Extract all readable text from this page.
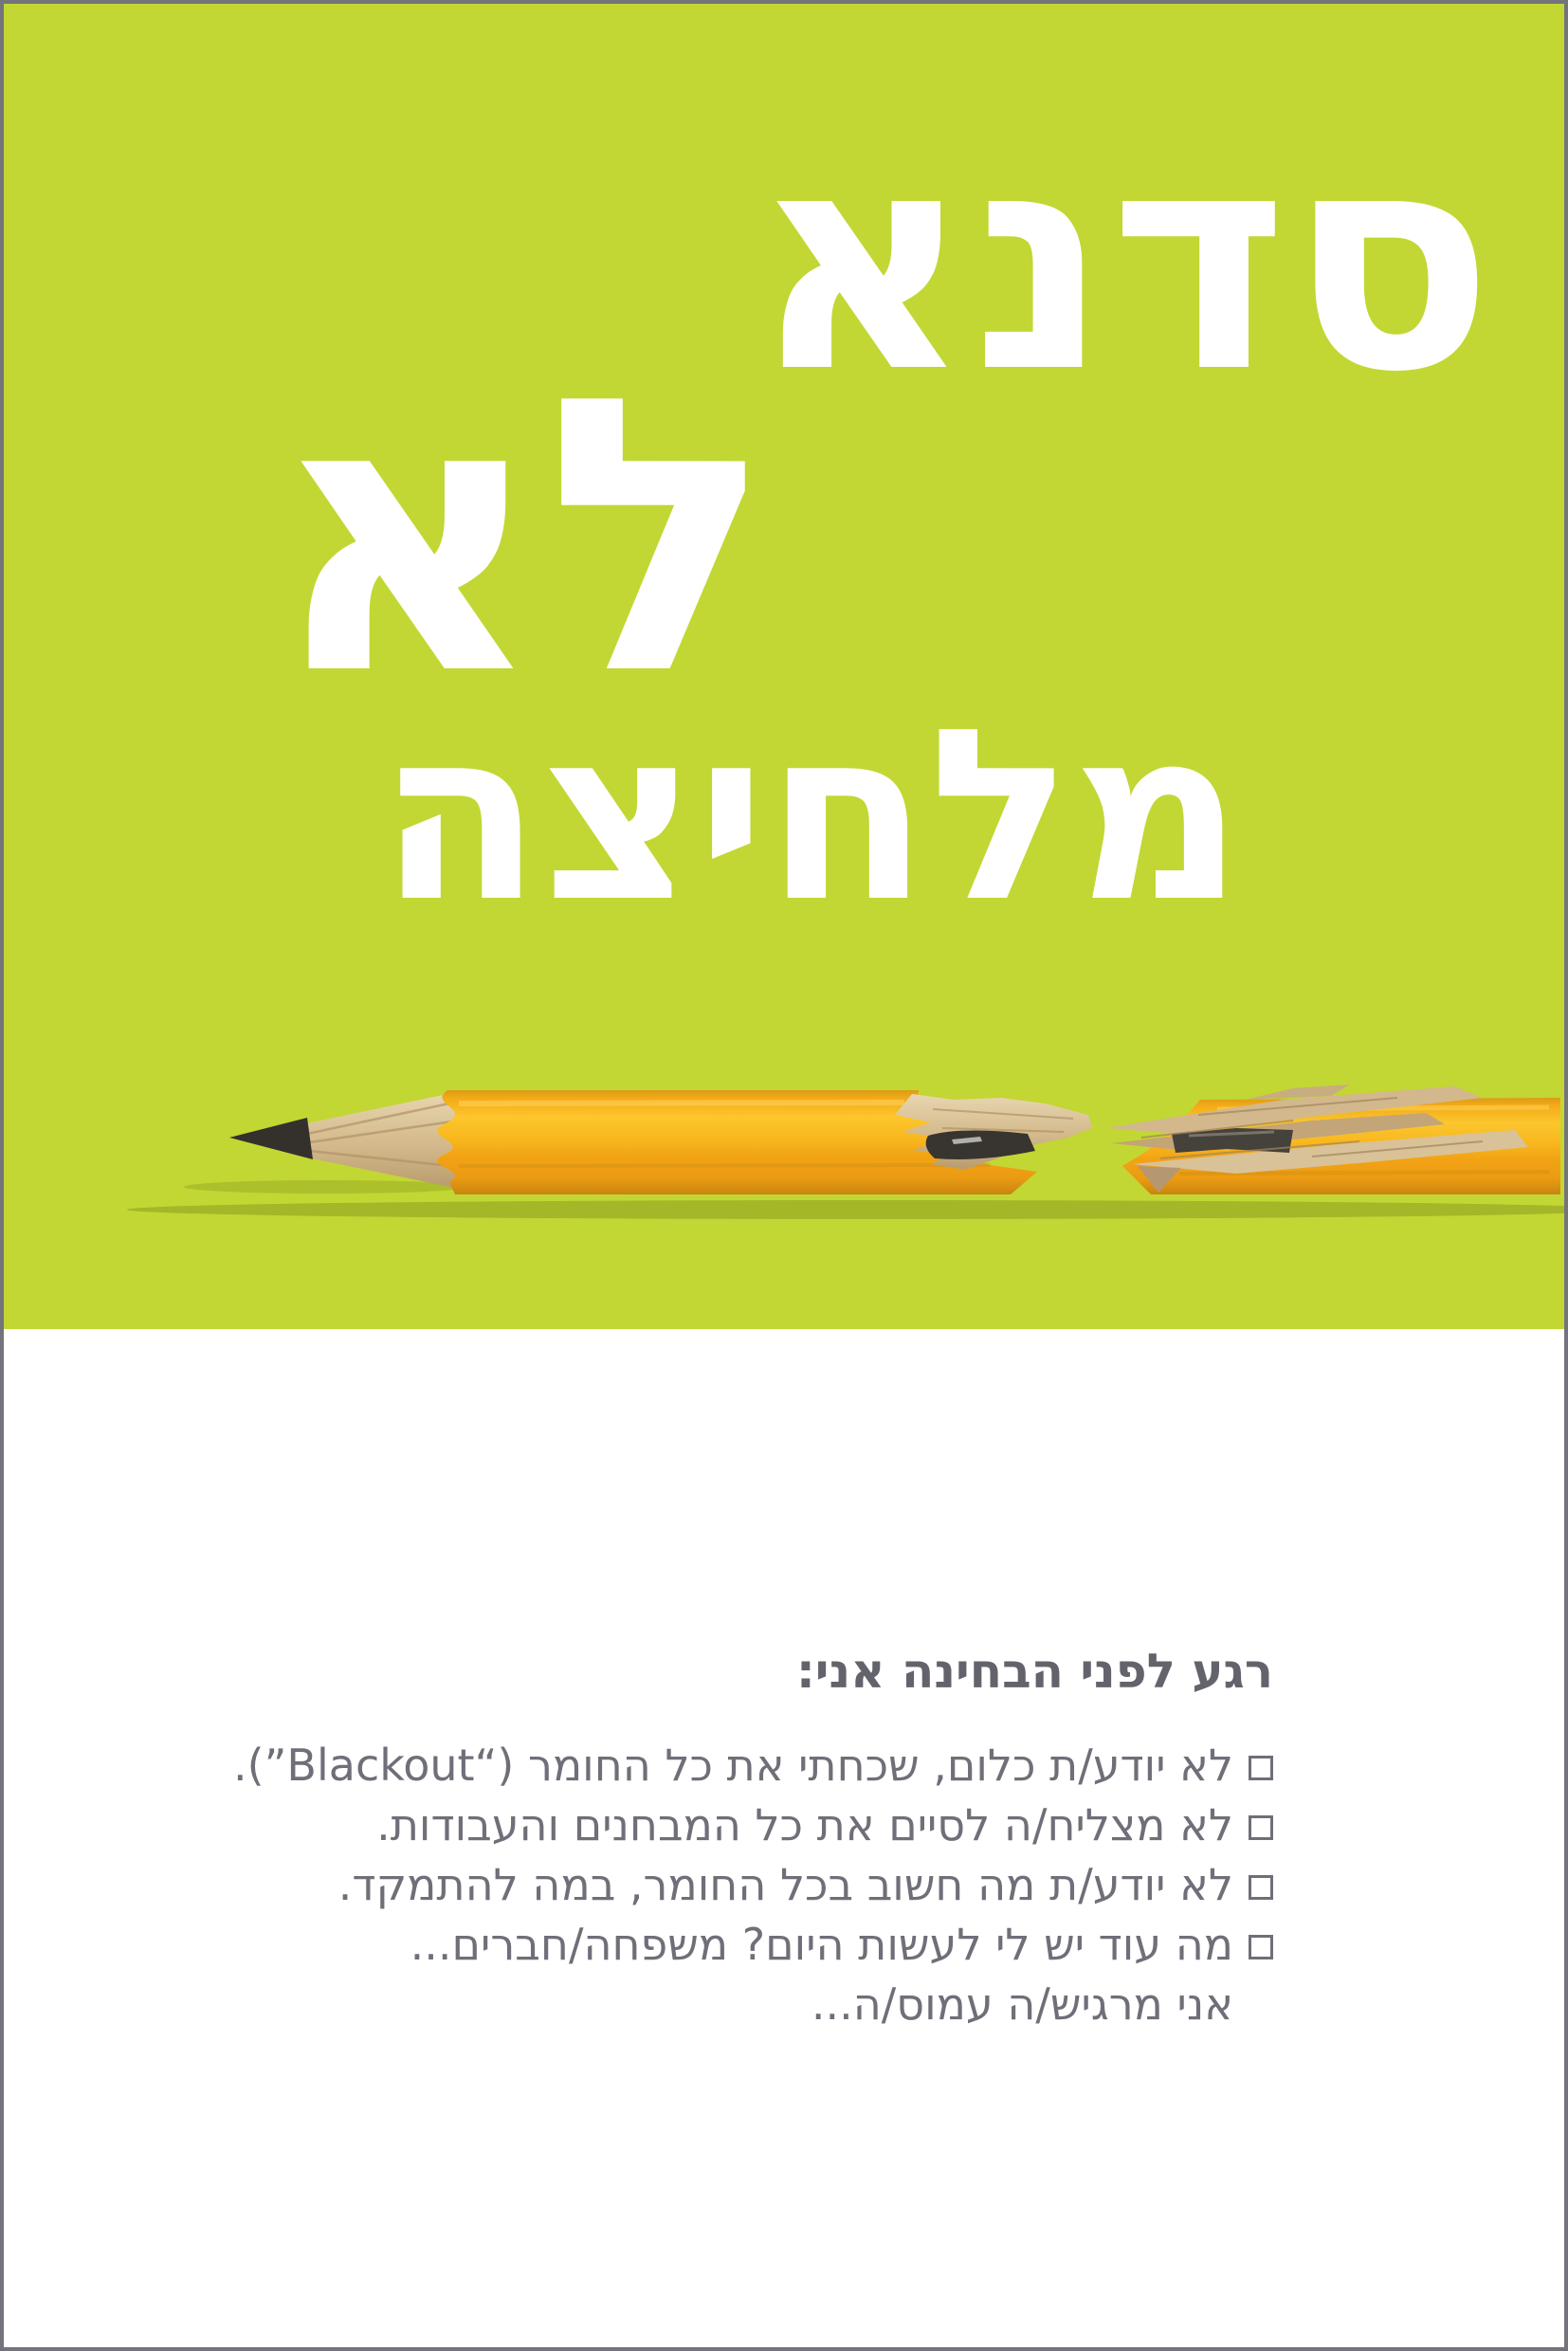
סדנא
לא
מלחיצה
רגע לפני הבחינה אני:
לא יודע/ת כלום, שכחתי את כל החומר (“Blackout”).
לא מצליח/ה לסיים את כל המבחנים והעבודות.
לא יודע/ת מה חשוב בכל החומר, במה להתמקד.
מה עוד יש לי לעשות היום? משפחה/חברים...
אני מרגיש/ה עמוס/ה...
